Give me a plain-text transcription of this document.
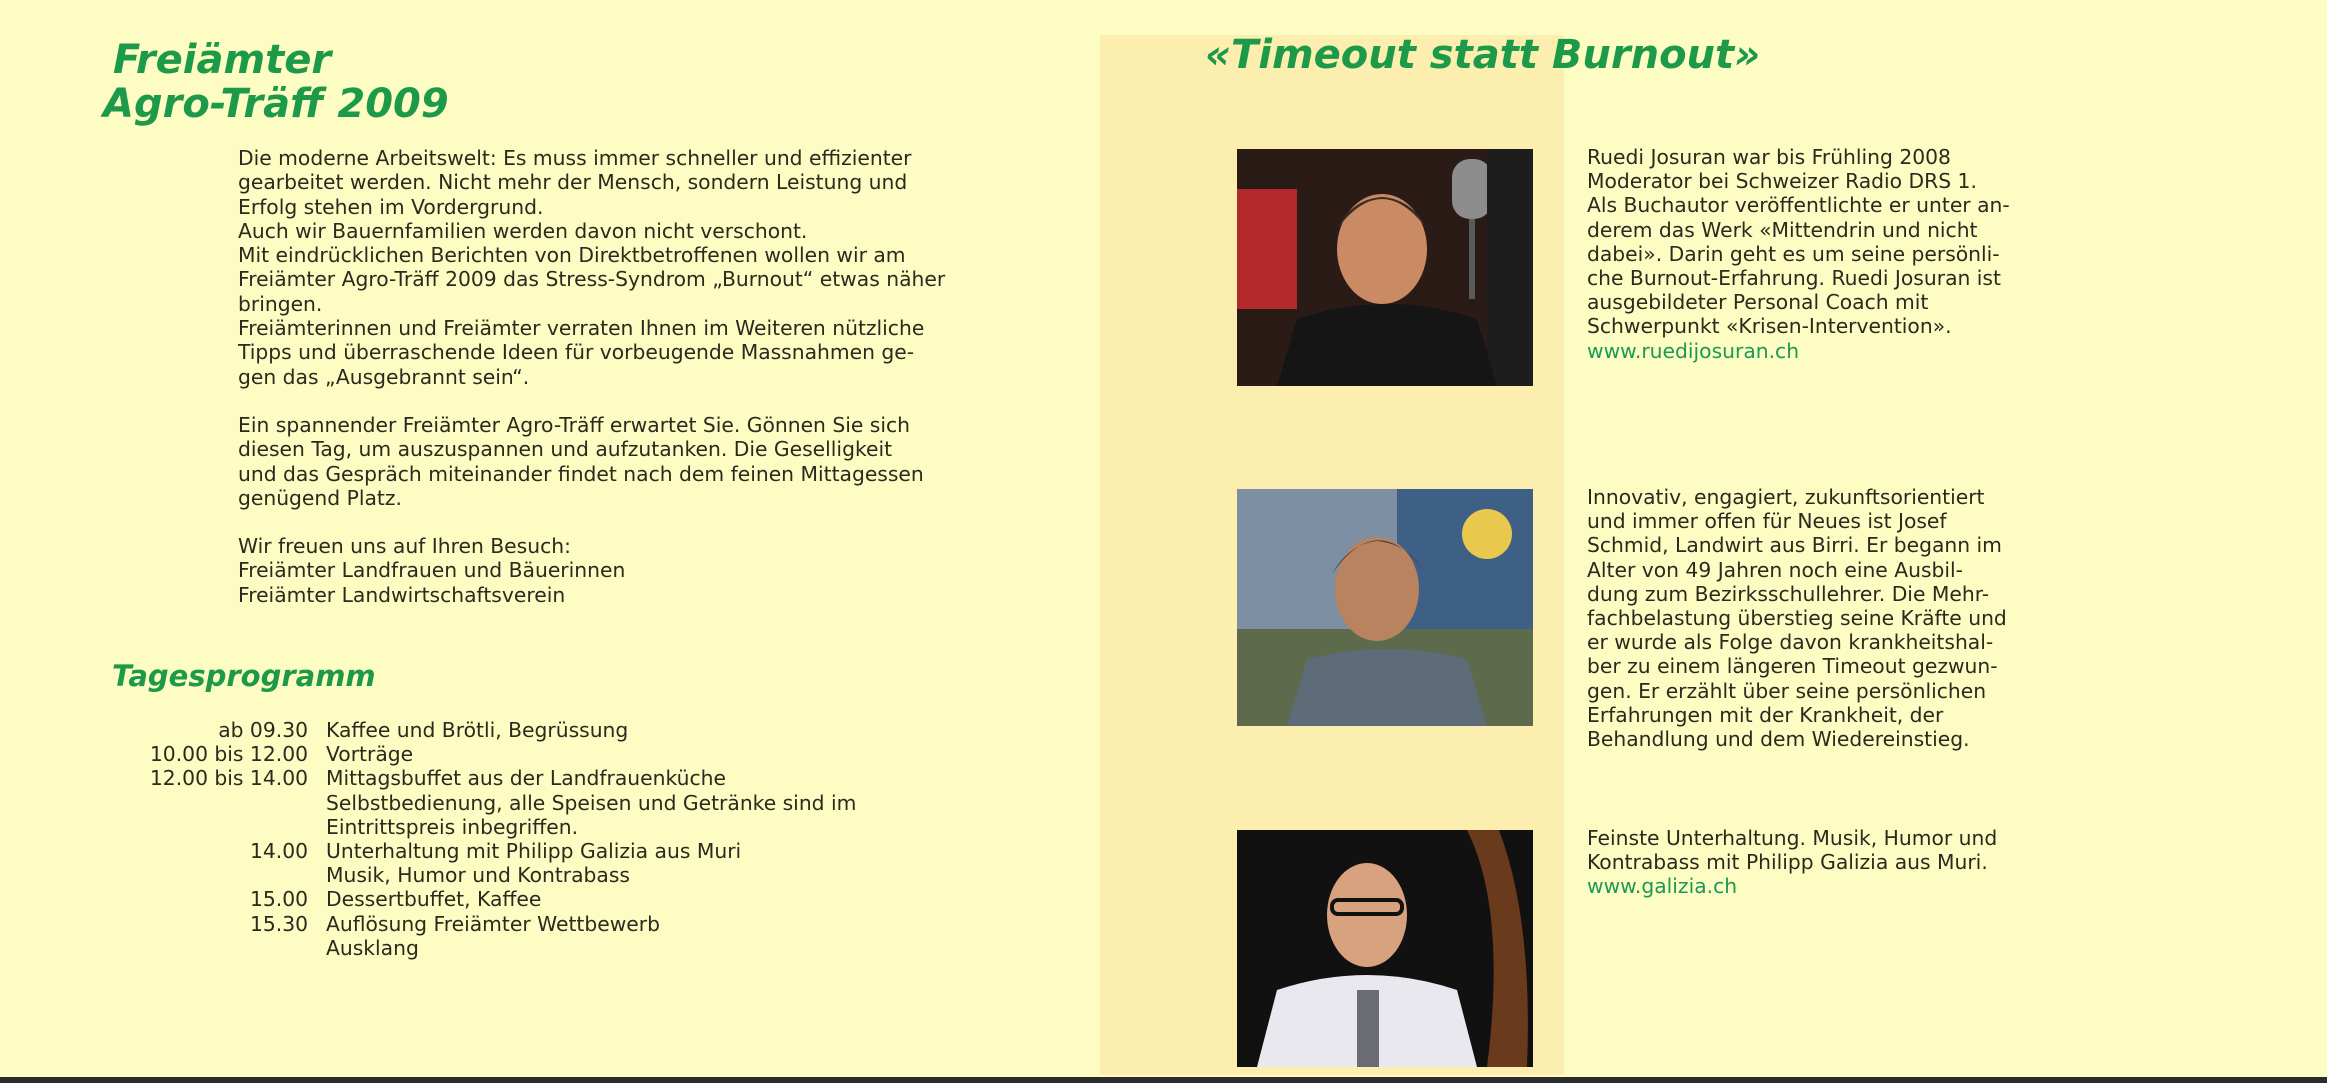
Freiämter
Agro-Träff 2009

Die moderne Arbeitswelt: Es muss immer schneller und effizienter

gearbeitet werden. Nicht mehr der Mensch, sondern Leistung und

Erfolg stehen im Vordergrund.

Auch wir Bauernfamilien werden davon nicht verschont.

Mit eindrücklichen Berichten von Direktbetroffenen wollen wir am

Freiämter Agro-Träff 2009 das Stress-Syndrom „Burnout“ etwas näher

bringen.

Freiämterinnen und Freiämter verraten Ihnen im Weiteren nützliche

Tipps und überraschende Ideen für vorbeugende Massnahmen ge-

gen das „Ausgebrannt sein“.

Ein spannender Freiämter Agro-Träff erwartet Sie. Gönnen Sie sich

diesen Tag, um auszuspannen und aufzutanken. Die Geselligkeit

und das Gespräch miteinander findet nach dem feinen Mittagessen

genügend Platz.

Wir freuen uns auf Ihren Besuch:

Freiämter Landfrauen und Bäuerinnen

Freiämter Landwirtschaftsverein

Tagesprogramm
ab 09.30 Kaffee und Brötli, Begrüssung
10.00 bis 12.00 Vorträge
12.00 bis 14.00 Mittagsbuffet aus der Landfrauenküche
Selbstbedienung, alle Speisen und Getränke sind im
Eintrittspreis inbegriffen.
14.00 Unterhaltung mit Philipp Galizia aus Muri
Musik, Humor und Kontrabass
15.00 Dessertbuffet, Kaffee
15.30 Auflösung Freiämter Wettbewerb
Ausklang
«Timeout statt Burnout»

Ruedi Josuran war bis Frühling 2008

Moderator bei Schweizer Radio DRS 1.

Als Buchautor veröffentlichte er unter an-

derem das Werk «Mittendrin und nicht

dabei». Darin geht es um seine persönli-

che Burnout-Erfahrung. Ruedi Josuran ist

ausgebildeter Personal Coach mit

Schwerpunkt «Krisen-Intervention».

www.ruedijosuran.ch

Innovativ, engagiert, zukunftsorientiert

und immer offen für Neues ist Josef

Schmid, Landwirt aus Birri. Er begann im

Alter von 49 Jahren noch eine Ausbil-

dung zum Bezirksschullehrer. Die Mehr-

fachbelastung überstieg seine Kräfte und

er wurde als Folge davon krankheitshal-

ber zu einem längeren Timeout gezwun-

gen. Er erzählt über seine persönlichen

Erfahrungen mit der Krankheit, der

Behandlung und dem Wiedereinstieg.

Feinste Unterhaltung. Musik, Humor und

Kontrabass mit Philipp Galizia aus Muri.

www.galizia.ch
